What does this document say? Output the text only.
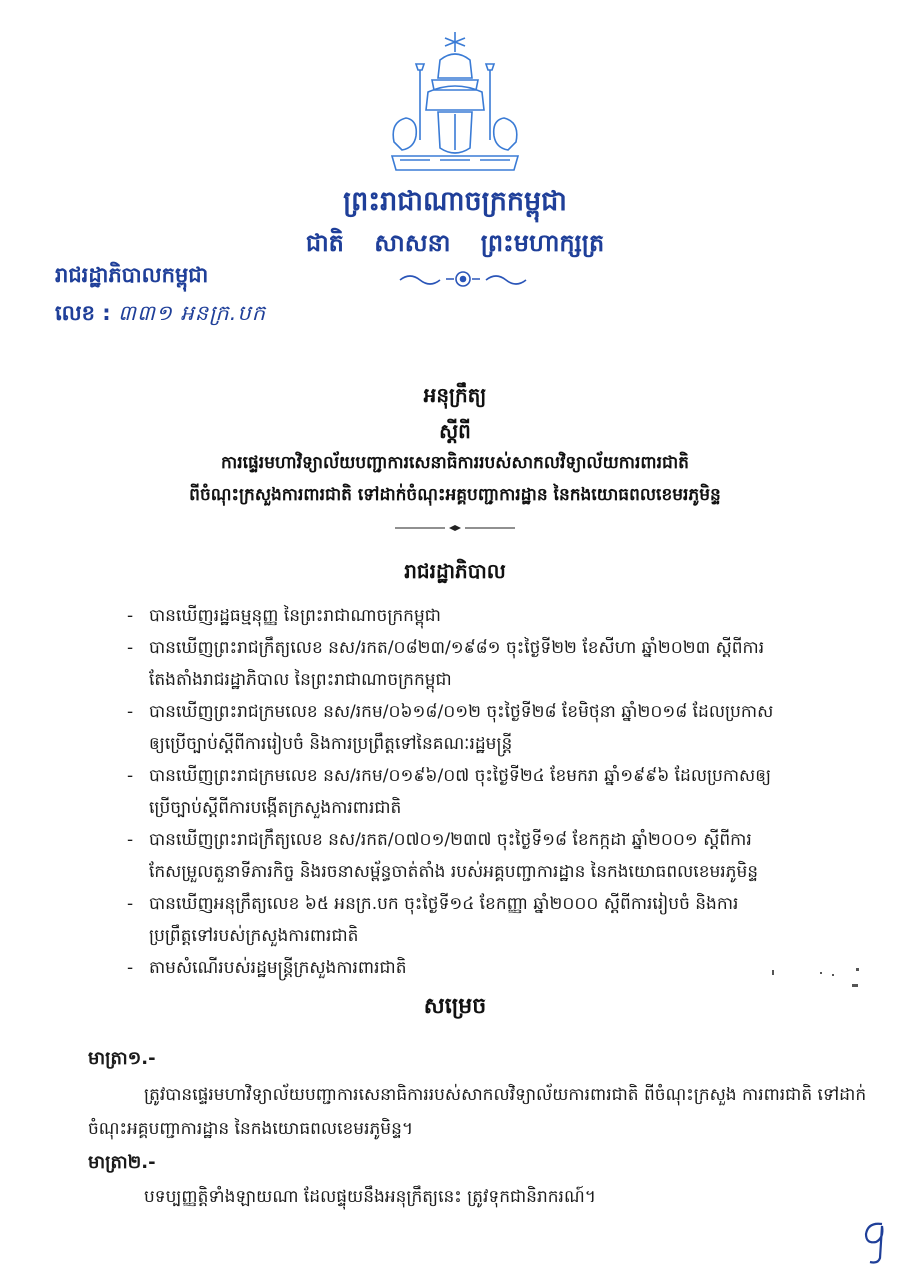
ព្រះរាជាណាចក្រកម្ពុជា
ជាតិ សាសនា ព្រះមហាក្សត្រ
រាជរដ្ឋាភិបាលកម្ពុជា
លេខ : ៣៣១ អនក្រ.បក
អនុក្រឹត្យ
ស្តីពី
ការផ្ទេរមហាវិទ្យាល័យបញ្ជាការសេនាធិការរបស់សាកលវិទ្យាល័យការពារជាតិ
ពីចំណុះក្រសួងការពារជាតិ ទៅដាក់ចំណុះអគ្គបញ្ជាការដ្ឋាន នៃកងយោធពលខេមរភូមិន្ទ
រាជរដ្ឋាភិបាល
- បានឃើញរដ្ឋធម្មនុញ្ញ នៃព្រះរាជាណាចក្រកម្ពុជា
- បានឃើញព្រះរាជក្រឹត្យលេខ នស/រកត/០៨២៣/១៩៨១ ចុះថ្ងៃទី២២ ខែសីហា ឆ្នាំ២០២៣ ស្តីពីការ
តែងតាំងរាជរដ្ឋាភិបាល នៃព្រះរាជាណាចក្រកម្ពុជា
- បានឃើញព្រះរាជក្រមលេខ នស/រកម/០៦១៨/០១២ ចុះថ្ងៃទី២៨ ខែមិថុនា ឆ្នាំ២០១៨ ដែលប្រកាស
ឲ្យប្រើច្បាប់ស្តីពីការរៀបចំ និងការប្រព្រឹត្តទៅនៃគណៈរដ្ឋមន្ត្រី
- បានឃើញព្រះរាជក្រមលេខ នស/រកម/០១៩៦/០៧ ចុះថ្ងៃទី២៤ ខែមករា ឆ្នាំ១៩៩៦ ដែលប្រកាសឲ្យ
ប្រើច្បាប់ស្តីពីការបង្កើតក្រសួងការពារជាតិ
- បានឃើញព្រះរាជក្រឹត្យលេខ នស/រកត/០៧០១/២៣៧ ចុះថ្ងៃទី១៨ ខែកក្កដា ឆ្នាំ២០០១ ស្តីពីការ
កែសម្រួលតួនាទីភារកិច្ច និងរចនាសម្ព័ន្ធចាត់តាំង របស់អគ្គបញ្ជាការដ្ឋាន នៃកងយោធពលខេមរភូមិន្ទ
- បានឃើញអនុក្រឹត្យលេខ ៦៥ អនក្រ.បក ចុះថ្ងៃទី១៤ ខែកញ្ញា ឆ្នាំ២០០០ ស្តីពីការរៀបចំ និងការ
ប្រព្រឹត្តទៅរបស់ក្រសួងការពារជាតិ
- តាមសំណើរបស់រដ្ឋមន្ត្រីក្រសួងការពារជាតិ
សម្រេច
មាត្រា១.-
ត្រូវបានផ្ទេរមហាវិទ្យាល័យបញ្ជាការសេនាធិការរបស់សាកលវិទ្យាល័យការពារជាតិ ពីចំណុះក្រសួង ការពារជាតិ ទៅដាក់ចំណុះអគ្គបញ្ជាការដ្ឋាន នៃកងយោធពលខេមរភូមិន្ទ។
មាត្រា២.-
បទប្បញ្ញត្តិទាំងឡាយណា ដែលផ្ទុយនឹងអនុក្រឹត្យនេះ ត្រូវទុកជានិរាករណ៍។
